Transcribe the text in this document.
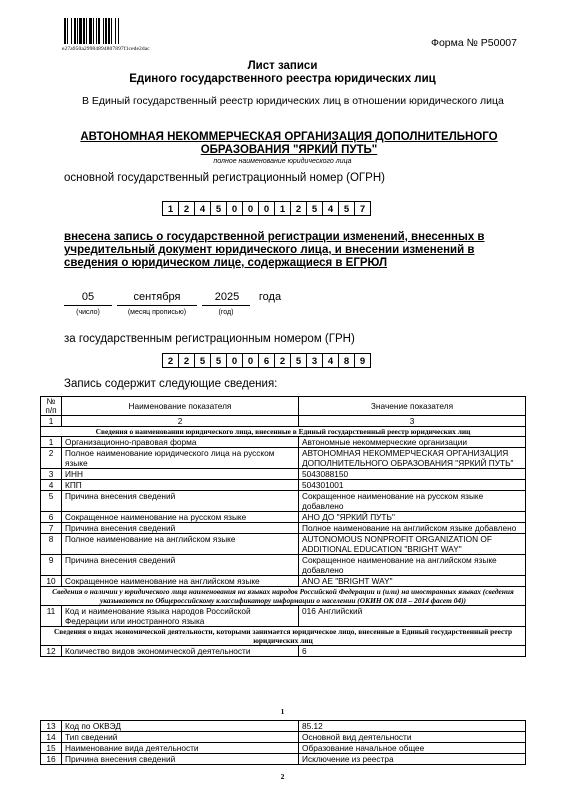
e27a950a29984894807897f1cede2dac	Форма № Р50007
Лист записи
Единого государственного реестра юридических лиц
В Единый государственный реестр юридических лиц в отношении юридического лица
АВТОНОМНАЯ НЕКОММЕРЧЕСКАЯ ОРГАНИЗАЦИЯ ДОПОЛНИТЕЛЬНОГО ОБРАЗОВАНИЯ "ЯРКИЙ ПУТЬ"
полное наименование юридического лица
основной государственный регистрационный номер (ОГРН)
1	2	4	5	0	0	0	1	2	5	4	5	7
внесена запись о государственной регистрации изменений, внесенных в учредительный документ юридического лица, и внесении изменений в сведения о юридическом лице, содержащиеся в ЕГРЮЛ
05	сентября	2025	года
(число)	(месяц прописью)	(год)
за государственным регистрационным номером (ГРН)
2	2	5	5	0	0	6	2	5	3	4	8	9
Запись содержит следующие сведения:
№ п/п	Наименование показателя	Значение показателя
1	2	3
Сведения о наименовании юридического лица, внесенные в Единый государственный реестр юридических лиц		
1	Организационно-правовая форма	Автономные некоммерческие организации
2	Полное наименование юридического лица на русском языке	АВТОНОМНАЯ НЕКОММЕРЧЕСКАЯ ОРГАНИЗАЦИЯ ДОПОЛНИТЕЛЬНОГО ОБРАЗОВАНИЯ "ЯРКИЙ ПУТЬ"
3	ИНН	5043088150
4	КПП	504301001
5	Причина внесения сведений	Сокращенное наименование на русском языке добавлено
6	Сокращенное наименование на русском языке	АНО ДО "ЯРКИЙ ПУТЬ"
7	Причина внесения сведений	Полное наименование на английском языке добавлено
8	Полное наименование на английском языке	AUTONOMOUS NONPROFIT ORGANIZATION OF ADDITIONAL EDUCATION "BRIGHT WAY"
9	Причина внесения сведений	Сокращенное наименование на английском языке добавлено
10	Сокращенное наименование на английском языке	ANO AE "BRIGHT WAY"
Сведения о наличии у юридического лица наименования на языках народов Российской Федерации и (или) на иностранных языках (сведения указываются по Общероссийскому классификатору информации о населении (ОКИН ОК 018 – 2014 фасет 04))		
11	Код и наименование языка народов Российской Федерации или иностранного языка	016 Английский
Сведения о видах экономической деятельности, которыми занимается юридическое лицо, внесенные в Единый государственный реестр юридических лиц		
12	Количество видов экономической деятельности	6
1
13	Код по ОКВЭД	85.12
14	Тип сведений	Основной вид деятельности
15	Наименование вида деятельности	Образование начальное общее
16	Причина внесения сведений	Исключение из реестра
2
